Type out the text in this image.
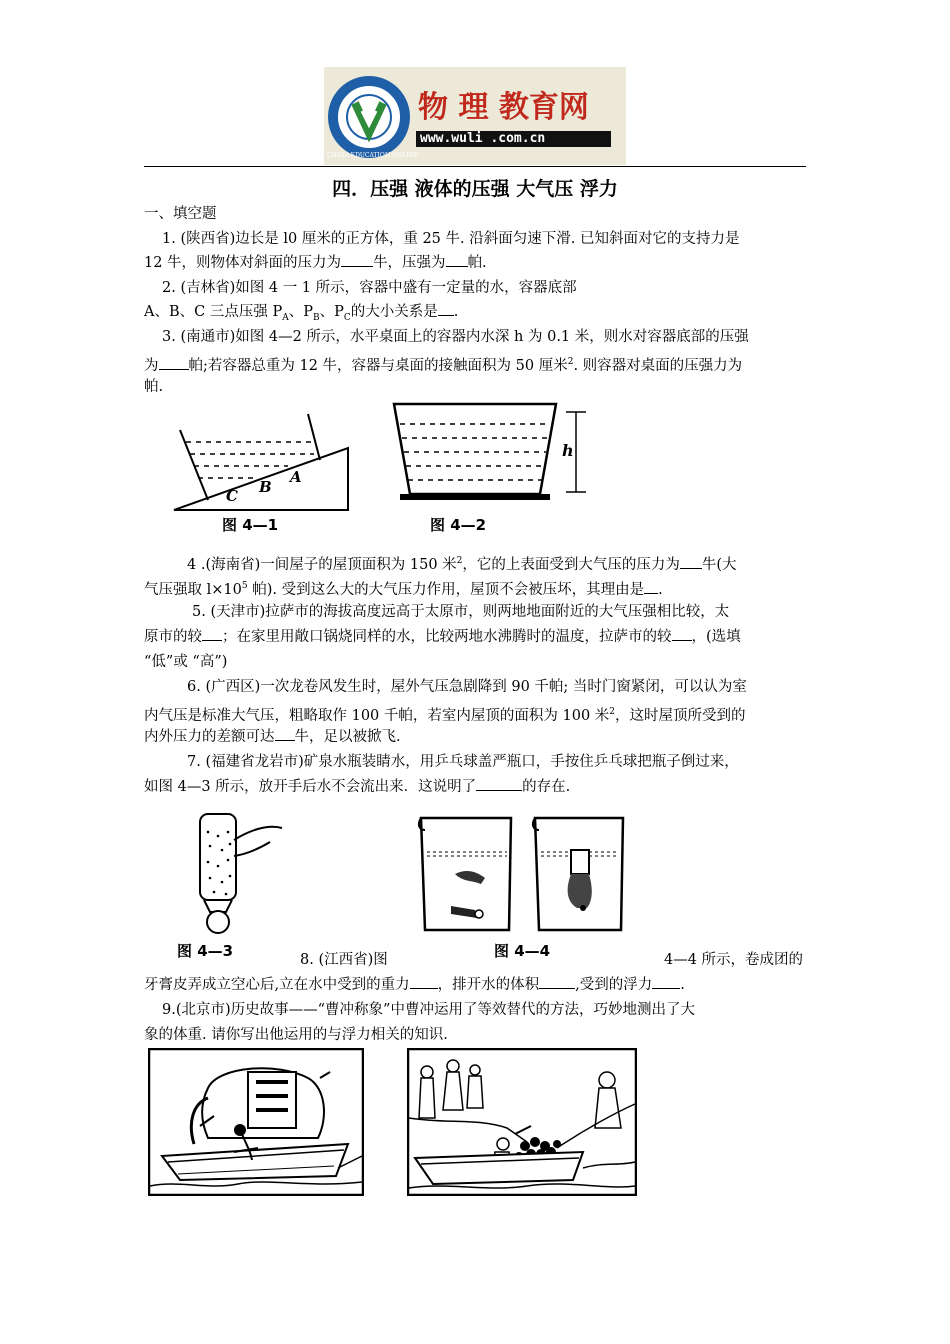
物 理 教育网
www.wuli .com.cn
CHINA EDUCATION ONLINE
四．压强 液体的压强 大气压 浮力
一、填空题
1. (陕西省)边长是 l0 厘米的正方体，重 25 牛. 沿斜面匀速下滑. 已知斜面对它的支持力是
12 牛，则物体对斜面的压力为 牛，压强为 帕.
2. (吉林省)如图 4 一 1 所示，容器中盛有一定量的水，容器底部
A、B、C 三点压强 $P_A$、$P_B$、$P_C$的大小关系是 .
3. (南通市)如图 4—2 所示，水平桌面上的容器内水深 h 为 0.1 米，则水对容器底部的压强
为 帕;若容器总重为 12 牛，容器与桌面的接触面积为 50 厘米$^2$. 则容器对桌面的压强力为
帕.
C B
A
图 4—1
h
图 4—2
4 .(海南省)一间屋子的屋顶面积为 150 米$^2$，它的上表面受到大气压的压力为 牛(大
气压强取 $l\times 10^5$ 帕). 受到这么大的大气压力作用，屋顶不会被压坏，其理由是 .
5. (天津市)拉萨市的海拔高度远高于太原市，则两地地面附近的大气压强相比较，太
原市的较 ；在家里用敞口锅烧同样的水，比较两地水沸腾时的温度，拉萨市的较 ，(选填
“低”或 “高”)
6. (广西区)一次龙卷风发生时，屋外气压急剧降到 90 千帕; 当时门窗紧闭，可以认为室
内气压是标准大气压，粗略取作 100 千帕，若室内屋顶的面积为 100 米$^2$，这时屋顶所受到的
内外压力的差额可达 牛，足以被掀飞.
7. (福建省龙岩市)矿泉水瓶装睛水，用乒乓球盖严瓶口，手按住乒乓球把瓶子倒过来，
如图 4—3 所示，放开手后水不会流出来．这说明了	的存在.
图 4—3	图 4—4
8. (江西省)图	4—4 所示，卷成团的
牙膏皮弄成立空心后,立在水中受到的重力 ，排开水的体积 ,受到的浮力 .
9.(北京市)历史故事——“曹冲称象”中曹冲运用了等效替代的方法，巧妙地测出了大
象的体重. 请你写出他运用的与浮力相关的知识.
